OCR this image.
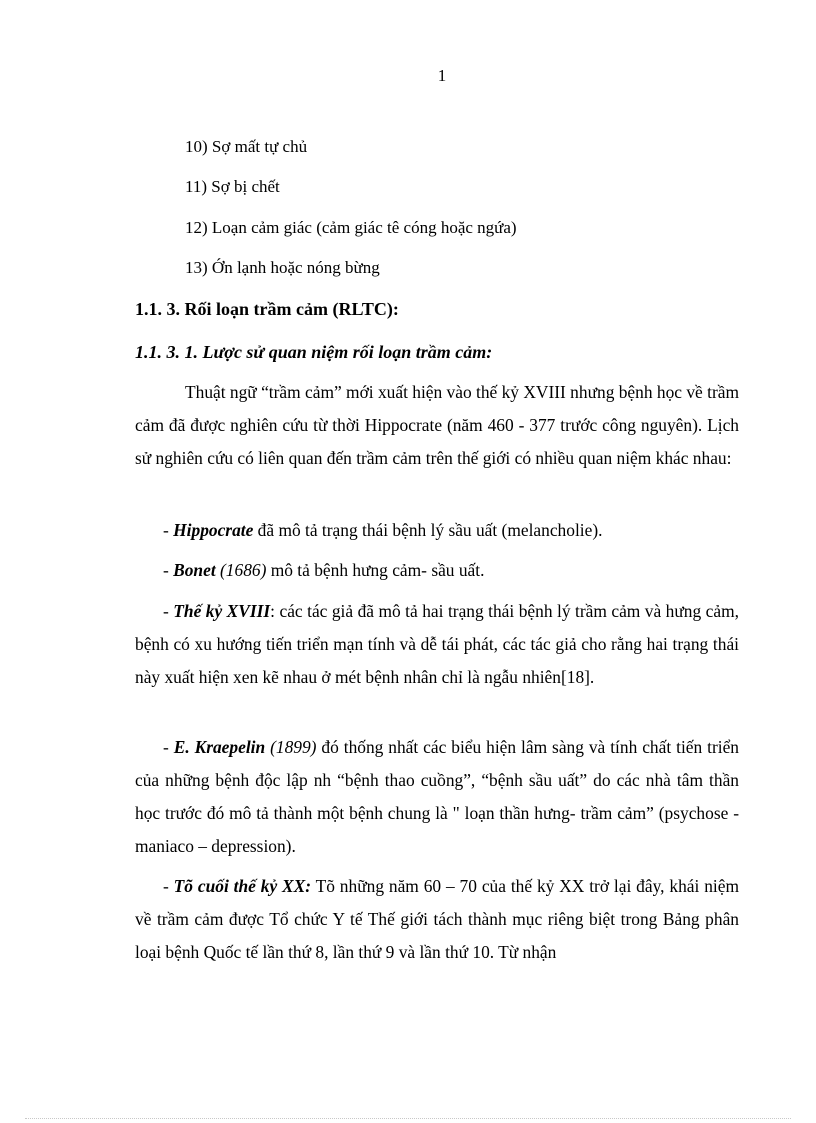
1
10) Sợ mất tự chủ
11) Sợ bị chết
12) Loạn cảm giác (cảm giác tê cóng hoặc ngứa)
13) Ớn lạnh hoặc nóng bừng
1.1. 3. Rối loạn trầm cảm (RLTC):
1.1. 3. 1. Lược sử quan niệm rối loạn trầm cảm:
Thuật ngữ “trầm cảm” mới xuất hiện vào thế kỷ XVIII nhưng bệnh học về trầm cảm đã được nghiên cứu từ thời Hippocrate (năm 460 - 377 trước công nguyên). Lịch sử nghiên cứu có liên quan đến trầm cảm trên thế giới có nhiều quan niệm khác nhau:
- Hippocrate đã mô tả trạng thái bệnh lý sầu uất (melancholie).
- Bonet (1686) mô tả bệnh hưng cảm- sầu uất.
- Thế kỷ XVIII: các tác giả đã mô tả hai trạng thái bệnh lý trầm cảm và hưng cảm, bệnh có xu hướng tiến triển mạn tính và dễ tái phát, các tác giả cho rằng hai trạng thái này xuất hiện xen kẽ nhau ở mét bệnh nhân chỉ là ngẫu nhiên[18].
- E. Kraepelin (1899) đó thống nhất các biểu hiện lâm sàng và tính chất tiến triển của những bệnh độc lập nh “bệnh thao cuồng”, “bệnh sầu uất” do các nhà tâm thần học trước đó mô tả thành một bệnh chung là " loạn thần hưng- trầm cảm” (psychose - maniaco – depression).
- Tõ cuối thế kỷ XX: Tõ những năm 60 – 70 của thế kỷ XX trở lại đây, khái niệm về trầm cảm được Tổ chức Y tế Thế giới tách thành mục riêng biệt trong Bảng phân loại bệnh Quốc tế lần thứ 8, lần thứ 9 và lần thứ 10. Từ nhận
